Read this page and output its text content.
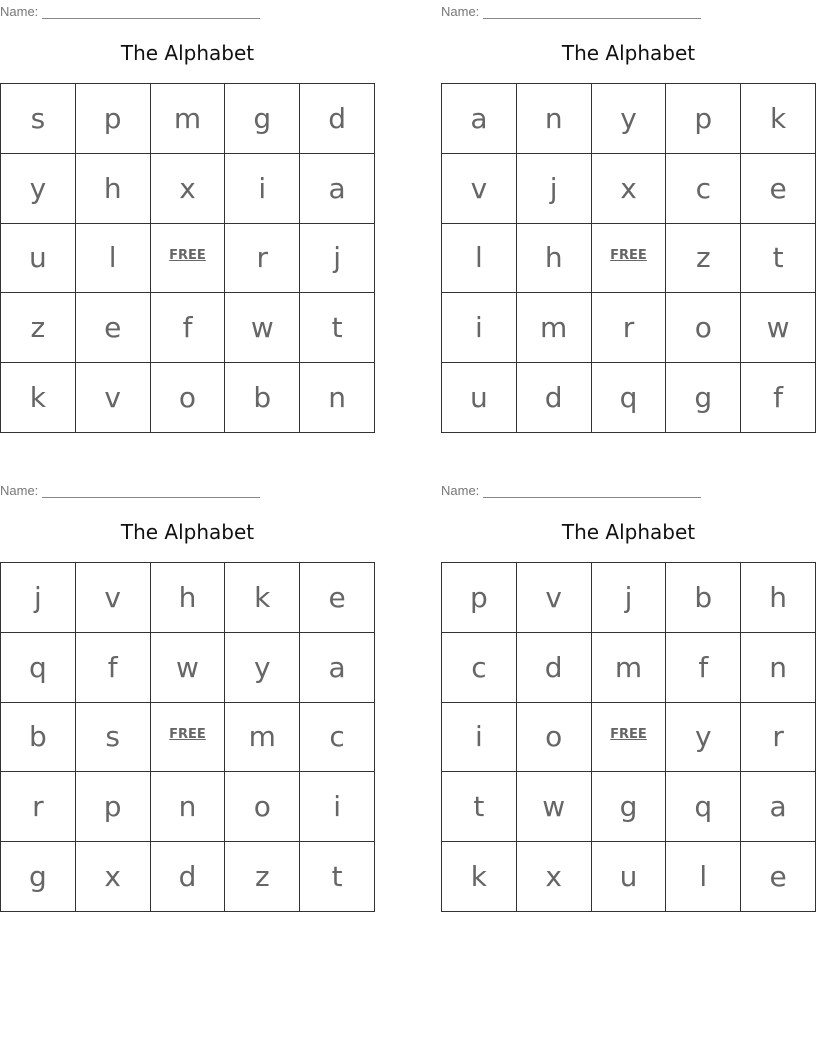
Name:
The Alphabet
s	p	m	g	d
y	h	x	i	a
u	l	FREE	r	j
z	e	f	w	t
k	v	o	b	n
Name:
The Alphabet
a	n	y	p	k
v	j	x	c	e
l	h	FREE	z	t
i	m	r	o	w
u	d	q	g	f
Name:
The Alphabet
j	v	h	k	e
q	f	w	y	a
b	s	FREE	m	c
r	p	n	o	i
g	x	d	z	t
Name:
The Alphabet
p	v	j	b	h
c	d	m	f	n
i	o	FREE	y	r
t	w	g	q	a
k	x	u	l	e
